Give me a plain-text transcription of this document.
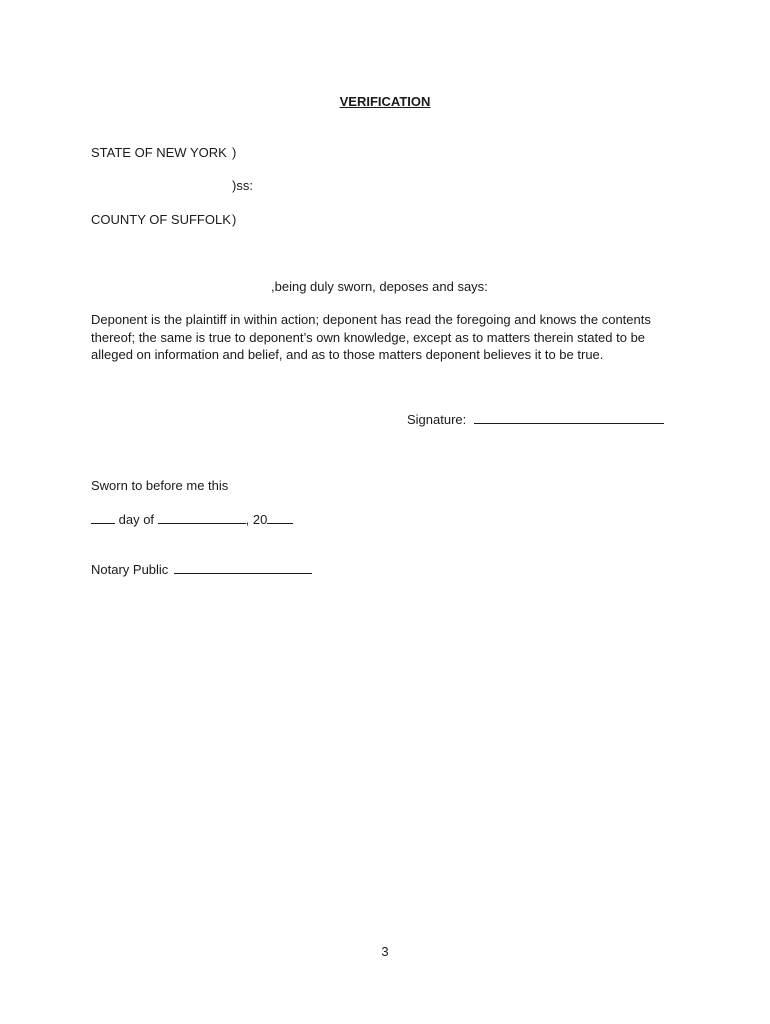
VERIFICATION
STATE OF NEW YORK )
)ss:
COUNTY OF SUFFOLK )
,being duly sworn, deposes and says:
Deponent is the plaintiff in within action; deponent has read the foregoing and knows the contents thereof; the same is true to deponent’s own knowledge, except as to matters therein stated to be alleged on information and belief, and as to those matters deponent believes it to be true.
Signature:
Sworn to before me this
day of	, 20
Notary Public
3
